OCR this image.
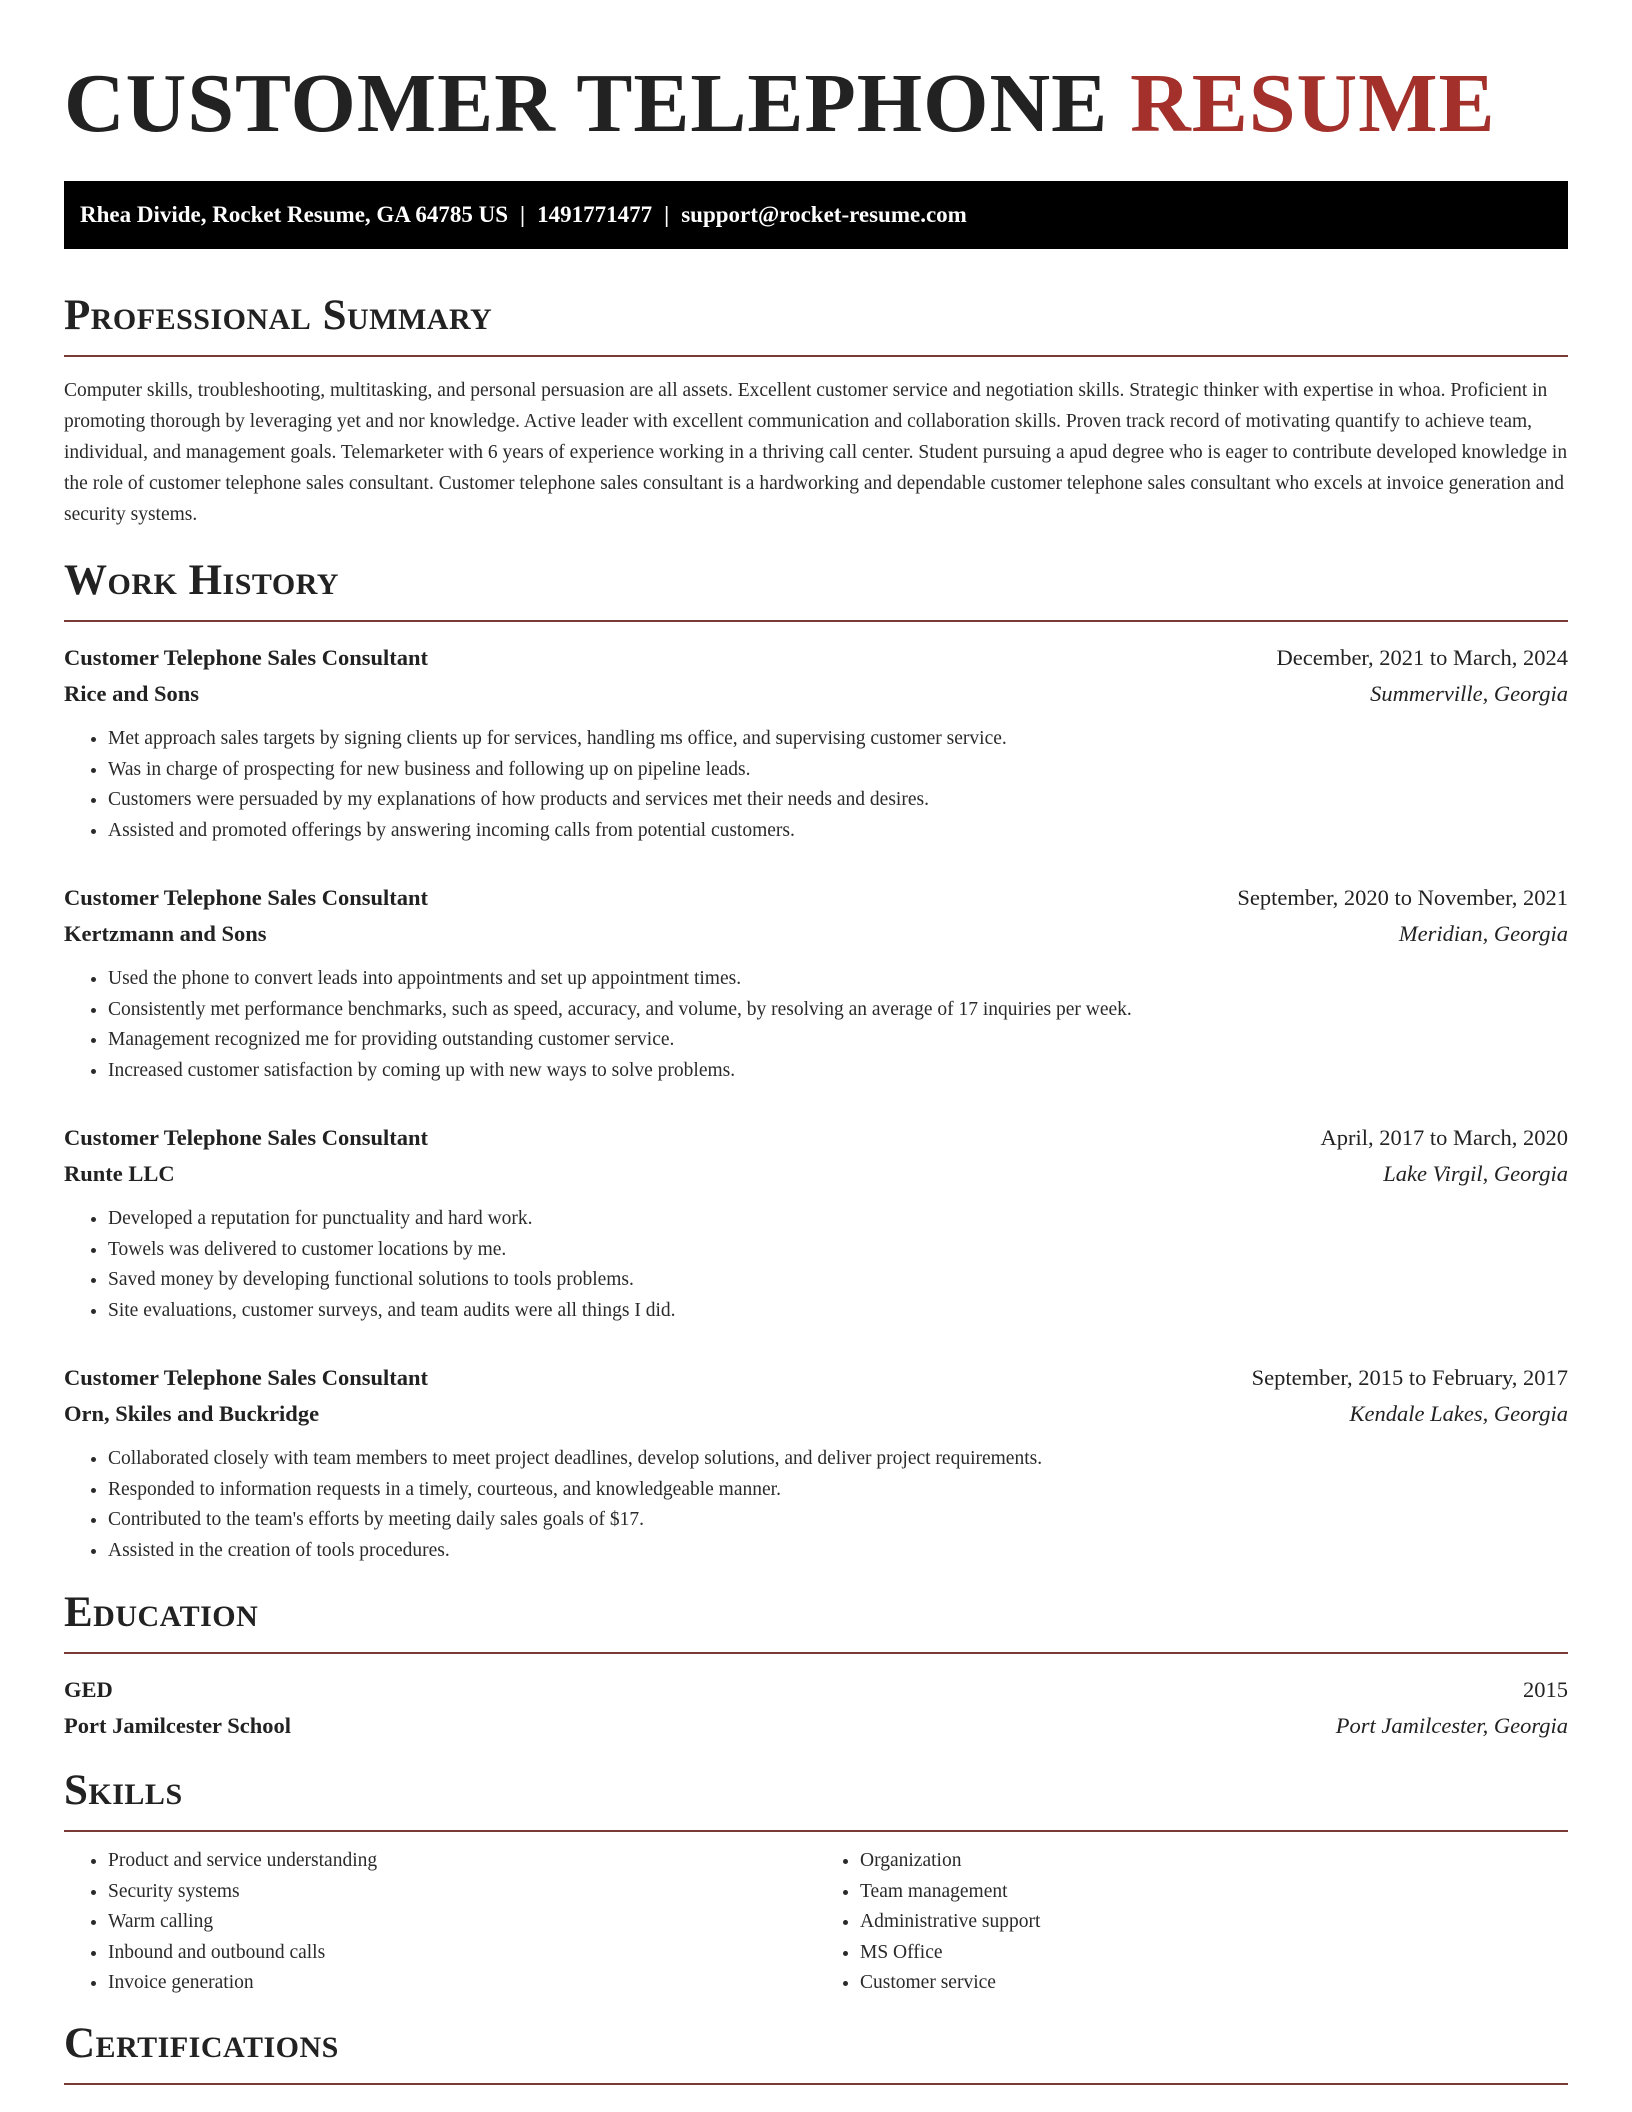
CUSTOMER TELEPHONE RESUME
Rhea Divide, Rocket Resume, GA 64785 US | 1491771477 | support@rocket-resume.com
Professional Summary

Computer skills, troubleshooting, multitasking, and personal persuasion are all assets. Excellent customer service and negotiation skills. Strategic thinker with expertise in whoa. Proficient in promoting thorough by leveraging yet and nor knowledge. Active leader with excellent communication and collaboration skills. Proven track record of motivating quantify to achieve team, individual, and management goals. Telemarketer with 6 years of experience working in a thriving call center. Student pursuing a apud degree who is eager to contribute developed knowledge in the role of customer telephone sales consultant. Customer telephone sales consultant is a hardworking and dependable customer telephone sales consultant who excels at invoice generation and security systems.

Work History
Customer Telephone Sales Consultant	December, 2021 to March, 2024
Rice and Sons	Summerville, Georgia
• Met approach sales targets by signing clients up for services, handling ms office, and supervising customer service.
• Was in charge of prospecting for new business and following up on pipeline leads.
• Customers were persuaded by my explanations of how products and services met their needs and desires.
• Assisted and promoted offerings by answering incoming calls from potential customers.
Customer Telephone Sales Consultant	September, 2020 to November, 2021
Kertzmann and Sons	Meridian, Georgia
• Used the phone to convert leads into appointments and set up appointment times.
• Consistently met performance benchmarks, such as speed, accuracy, and volume, by resolving an average of 17 inquiries per week.
• Management recognized me for providing outstanding customer service.
• Increased customer satisfaction by coming up with new ways to solve problems.
Customer Telephone Sales Consultant	April, 2017 to March, 2020
Runte LLC	Lake Virgil, Georgia
• Developed a reputation for punctuality and hard work.
• Towels was delivered to customer locations by me.
• Saved money by developing functional solutions to tools problems.
• Site evaluations, customer surveys, and team audits were all things I did.
Customer Telephone Sales Consultant	September, 2015 to February, 2017
Orn, Skiles and Buckridge	Kendale Lakes, Georgia
• Collaborated closely with team members to meet project deadlines, develop solutions, and deliver project requirements.
• Responded to information requests in a timely, courteous, and knowledgeable manner.
• Contributed to the team's efforts by meeting daily sales goals of $17.
• Assisted in the creation of tools procedures.
Education
GED	2015
Port Jamilcester School	Port Jamilcester, Georgia
Skills
• Product and service understanding
• Security systems
• Warm calling
• Inbound and outbound calls
• Invoice generation
• Organization
• Team management
• Administrative support
• MS Office
• Customer service
Certifications
